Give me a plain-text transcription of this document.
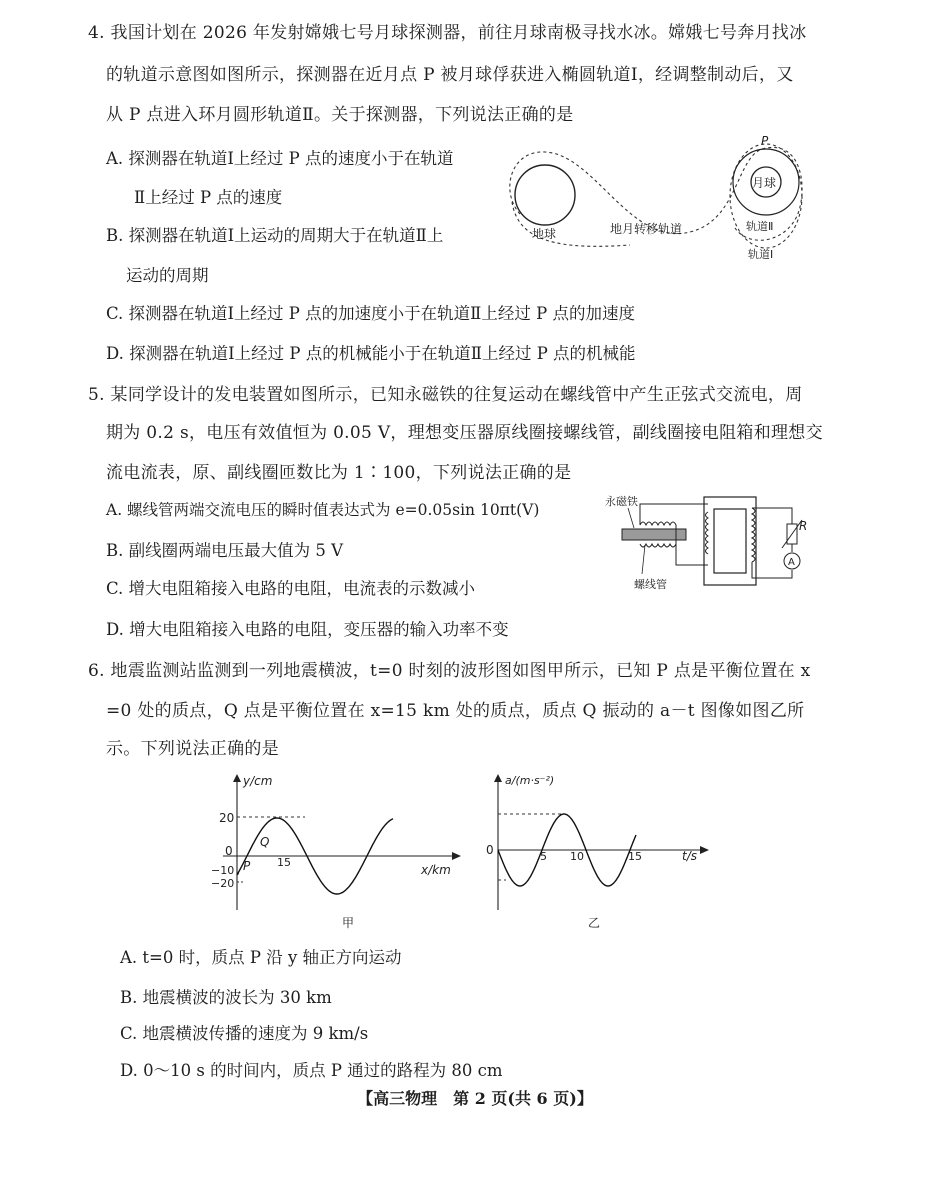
4. 我国计划在 2026 年发射嫦娥七号月球探测器，前往月球南极寻找水冰。嫦娥七号奔月找冰
的轨道示意图如图所示，探测器在近月点 P 被月球俘获进入椭圆轨道Ⅰ，经调整制动后，又
从 P 点进入环月圆形轨道Ⅱ。关于探测器，下列说法正确的是
A. 探测器在轨道Ⅰ上经过 P 点的速度小于在轨道
Ⅱ上经过 P 点的速度
B. 探测器在轨道Ⅰ上运动的周期大于在轨道Ⅱ上
运动的周期
C. 探测器在轨道Ⅰ上经过 P 点的加速度小于在轨道Ⅱ上经过 P 点的加速度
D. 探测器在轨道Ⅰ上经过 P 点的机械能小于在轨道Ⅱ上经过 P 点的机械能
月球
地球	地月转移轨道	轨道Ⅱ
轨道Ⅰ
P
5. 某同学设计的发电装置如图所示，已知永磁铁的往复运动在螺线管中产生正弦式交流电，周
期为 0.2 s，电压有效值恒为 0.05 V，理想变压器原线圈接螺线管，副线圈接电阻箱和理想交
流电流表，原、副线圈匝数比为 1∶100，下列说法正确的是
A. 螺线管两端交流电压的瞬时值表达式为 e=0.05sin 10πt(V)
B. 副线圈两端电压最大值为 5 V
C. 增大电阻箱接入电路的电阻，电流表的示数减小
D. 增大电阻箱接入电路的电阻，变压器的输入功率不变
永磁铁
R
A
螺线管
6. 地震监测站监测到一列地震横波，t=0 时刻的波形图如图甲所示，已知 P 点是平衡位置在 x
=0 处的质点，Q 点是平衡位置在 x=15 km 处的质点，质点 Q 振动的 a－t 图像如图乙所
示。下列说法正确的是
y/cm
x/km
20
0
−10
−20
15
Q
P
甲
a/(m·s⁻²)
t/s
0	5 10	15
乙
A. t=0 时，质点 P 沿 y 轴正方向运动
B. 地震横波的波长为 30 km
C. 地震横波传播的速度为 9 km/s
D. 0～10 s 的时间内，质点 P 通过的路程为 80 cm
【高三物理　第 2 页(共 6 页)】
